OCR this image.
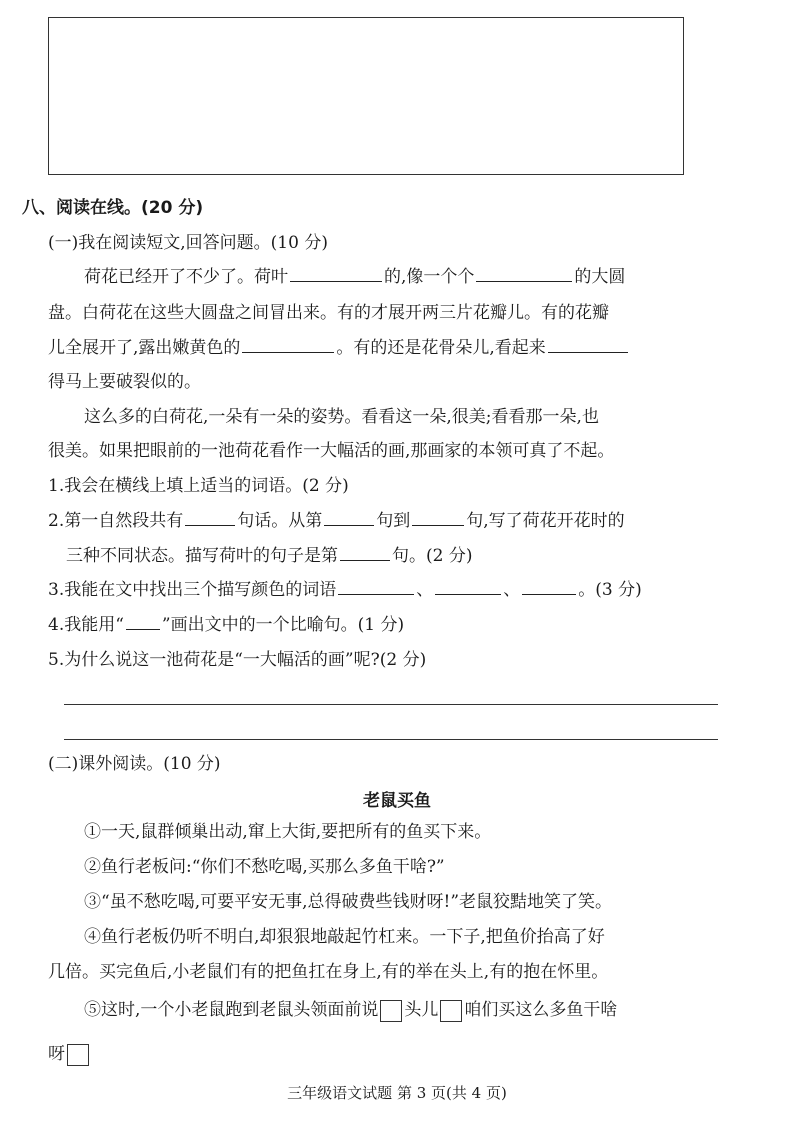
八、阅读在线。(20 分)
(一)我在阅读短文,回答问题。(10 分)
荷花已经开了不少了。荷叶	的,像一个个	的大圆
盘。白荷花在这些大圆盘之间冒出来。有的才展开两三片花瓣儿。有的花瓣
儿全展开了,露出嫩黄色的	。有的还是花骨朵儿,看起来
得马上要破裂似的。
这么多的白荷花,一朵有一朵的姿势。看看这一朵,很美;看看那一朵,也
很美。如果把眼前的一池荷花看作一大幅活的画,那画家的本领可真了不起。
1.我会在横线上填上适当的词语。(2 分)
2.第一自然段共有	句话。从第	句到	句,写了荷花开花时的
三种不同状态。描写荷叶的句子是第	句。(2 分)
3.我能在文中找出三个描写颜色的词语	、	、	。(3 分)
4.我能用“ ”画出文中的一个比喻句。(1 分)
5.为什么说这一池荷花是“一大幅活的画”呢?(2 分)
(二)课外阅读。(10 分)
老鼠买鱼
①一天,鼠群倾巢出动,窜上大街,要把所有的鱼买下来。
②鱼行老板问:“你们不愁吃喝,买那么多鱼干啥?”
③“虽不愁吃喝,可要平安无事,总得破费些钱财呀!”老鼠狡黠地笑了笑。
④鱼行老板仍听不明白,却狠狠地敲起竹杠来。一下子,把鱼价抬高了好
几倍。买完鱼后,小老鼠们有的把鱼扛在身上,有的举在头上,有的抱在怀里。
⑤这时,一个小老鼠跑到老鼠头领面前说 头儿 咱们买这么多鱼干啥
呀
三年级语文试题 第 3 页(共 4 页)
